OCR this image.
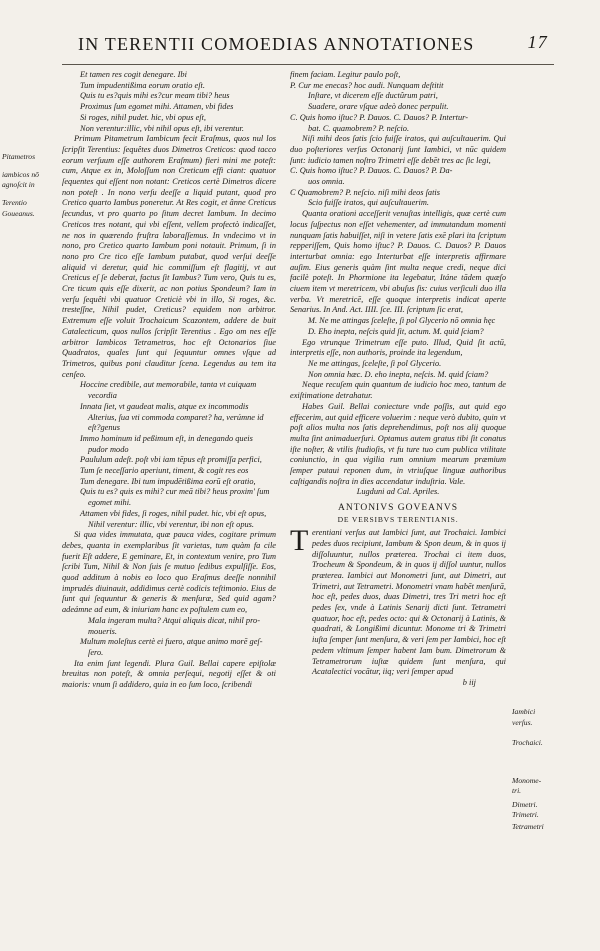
IN TERENTII COMOEDIAS ANNOTATIONES	17
Pitametros
iambicos nō agnoſcit in
Terentio
Goueanus.
Iambici
verſus.
Trochaici.
Monome-
tri.
Dimetri.
Trimetri.
Tetrametri

Et tamen res cogit denegare. Ibi

Tum impudentißima eorum oratio eſt.

Quis tu es?quis mihi es?cur meam tibi? heus

Proximus ſum egomet mihi. Attamen, vbi fides

Si roges, nihil pudet. hic, vbi opus eſt,

Non verentur:illic, vbi nihil opus eſt, ibi verentur.

Primum Pitametrum Iambicum fecit Eraſmus, quos nul los ſcripſit Terentius: ſequêtes duos Dimetros Creticos: quod tacco eorum verſuum eſſe authorem Eraſmum) fieri mini me poteſt: cum, Atque ex in, Moloſſum non Creticum effi ciant: quatuor ſequentes qui eſſent non notant: Creticos certè Dimetros dicere non poteſt . In nono verſu deeſſe a liquid putant, quod pro Cretico quarto Iambus poneretur. At Res cogit, et ânne Creticus ſecundus, vt pro quarto po ſitum decret Iambum. In decimo Creticos tres notant, qui vbi eſſent, vellem profectò indicaſſet, ne nos in quærendo fruſtra laboraſſemus. In vndecimo vt in nono, pro Cretico quarto Iambum poni notauit. Primum, ſi in nono pro Cre tico eſſe Iambum putabat, quod verſui deeſſe aliquid vi deretur, quid hic commiſſum eſt flagitij, vt aut Creticus eſ ſe deberat, factus ſit Iambus? Tum vero, Quis tu es, Cre ticum quis eſſe dixerit, ac non potius Spondeum? Iam in verſu ſequêti vbi quatuor Creticiè vbi in illo, Si roges, &c. tresteſſne, Nihil pudet, Creticus? equidem non arbitror. Extremum eſſe voluit Trochaicum Scazontem, addere de buit Catalecticum, quos nullos ſcripſit Terentius . Ego om nes eſſe arbitror Iambicos Tetrametros, hoc eſt Octonarios ſiue Quadratos, quales ſunt qui ſequuntur omnes vſque ad Trimetros, quibus poni clauditur ſcena. Legendus au tem ita cenſeo.

Hoccine credibile, aut memorabile, tanta vt cuiquam

vecordia

Innata ſiet, vt gaudeat malis, atque ex incommodis

Alterius, ſua vti commoda comparet? ha, verúmne id

eſt?genus

Immo hominum id peßimum eſt, in denegando queis

pudor modo

Paululum adeſt. poſt vbi iam tēpus eſt promiſſa perfici,

Tum ſe neceſſario aperiunt, timent, & cogit res eos

Tum denegare. Ibi tum impudētißima eorū eſt oratio,

Quis tu es? quis es mihi? cur meā tibi? heus proxim' ſum

egomet mihi.

Attamen vbi fides, ſi roges, nihil pudet. hic, vbi eſt opus,

Nihil verentur: illic, vbi verentur, ibi non eſt opus.

Si qua vides immutata, quæ pauca vides, cogitare primum debes, quanta in exemplaribus ſit varietas, tum quàm fa cile fuerit Eſt addere, E geminare, Et, in contextum venire, pro Tum ſcribi Tum, Nihil & Non ſuis ſe mutuo ſedibus expulſiſſe. Eos, quod additum à nobis eo loco quo Eraſmus deeſſe nonnihil imprudés diuinauit, addidimus certè codicis teſtimonio. Eius de ſunt qui ſequuntur & generis & menſuræ, Sed quid agam? adeámne ad eum, & iniuriam hanc ex poſtulem cum eo,

Mala ingeram multa? Atqui aliquis dicat, nihil pro-

moueris.

Multum moleſtus certè ei fuero, atque animo morē geſ-

ſero.

Ita enim ſunt legendi. Plura Guil. Bellai capere epiſtolæ breuitas non poteſt, & omnia perſequi, negotij eſſet & oti maioris: vnum ſi addidero, quia in eo ſum loco, ſcribendi

finem faciam. Legitur paulo poſt,

P. Cur me enecas? hoc audi. Nunquam deſtitit

Inſtare, vt dicerem eſſe ductûrum patri,

Suadere, orare vſque adeò donec perpulit.

C. Quis homo iſtuc? P. Dauos. C. Dauos? P. Intertur-

bat. C. quamobrem? P. neſcio.

Niſi mihi deos ſatis ſcio fuiſſe iratos, qui auſcultauerim. Qui duo poſteriores verſus Octonarij ſunt Iambici, vt nūc quidem ſunt: iudicio tamen noſtro Trimetri eſſe debēt tres ac ſic legi,

C. Quis homo iſtuc? P. Dauos. C. Dauos? P. Da-

uos omnia.

C Quamobrem? P. neſcio. niſi mihi deos ſatis

Scio fuiſſe iratos, qui auſcultauerim.

Quanta orationi acceſſerit venuſtas intelligis, quæ certè cum locus ſuſpectus non eſſet vehementer, ad immutandum momenti nunquam ſatis habuiſſet, niſi in vetere ſatis exē plari ita ſcriptum repperiſſem, Quis homo iſtuc? P. Dauos. C. Dauos? P. Dauos interturbat omnia: ego Interturbat eſſe interpretis affirmare auſim. Eius generis quàm ſint multa neque credi, neque dici facilè poteſt. In Phormione ita legebatur, Itáne tādem quæſo ciuem item vt meretricem, vbi abuſus ſis: cuius verſiculi duo illa verba. Vt meretricē, eſſe quoque interpretis indicat aperte Senarius. In And. Act. IIII. ſce. III. ſcriptum ſic erat,

M. Ne me attingas ſceleſte, ſi pol Glycerio nō omnia hęc

D. Eho inepta, neſcis quid ſit, actum. M. quid ſciam?

Ego vtrunque Trimetrum eſſe puto. Illud, Quid ſit actū, interpretis eſſe, non authoris, proinde ita legendum,

Ne me attingas, ſceleſte, ſi pol Glycerio.

Non omnia hæc. D. eho inepta, neſcis. M. quid ſciam?

Neque recuſem quin quantum de iudicio hoc meo, tantum de exiſtimatione detrahatur.

Habes Guil. Bellai coniecture vnde poſſis, aut quid ego effecerim, aut quid efficere voluerim : neque verò dubito, quin vt poſt alios multa nos ſatis deprehendimus, poſt nos alij quoque multa ſint animaduerſuri. Optamus autem gratus tibi ſit conatus iſte noſter, & vtilis ſtudioſis, vt fu ture tuo cum publica vtilitate coniunctio, in qua vigilia rum omnium mearum præmium ſemper putaui reponen dum, in vtriuſque linguæ authoribus caſtigandis noſtra in dies accendatur induſtria. Vale.

Lugduni ad Cal. Apriles.

ANTONIVS GOVEANVS
DE VERSIBVS TERENTIANIS.

T erentiani verſus aut Iambici ſunt, aut Trochaici. Iambici pedes duos recipiunt, Iambum & Spon deum, & in quos ij diſſoluuntur, nullos præterea. Trochai ci item duos, Trocheum & Spondeum, & in quos ij diſſol uuntur, nullos præterea. Iambici aut Monometri ſunt, aut Dimetri, aut Trimetri, aut Tetrametri. Monometri vnam habēt menſurā, hoc eſt, pedes duos, duas Dimetri, tres Tri metri hoc eſt pedes ſex, vnde à Latinis Senarij dicti ſunt. Tetrametri quatuor, hoc eſt, pedes octo: qui & Octonarij à Latinis, & quadrati, & Longißimi dicuntur. Monome tri & Trimetri iuſta ſemper ſunt menſura, & veri ſem per Iambici, hoc eſt pedem vltimum ſemper habent Iam bum. Dimetrorum & Tetrametrorum iuſtæ quidem ſunt menſura, qui Acatalectici vocātur, iiq; veri ſemper apud

b iij
